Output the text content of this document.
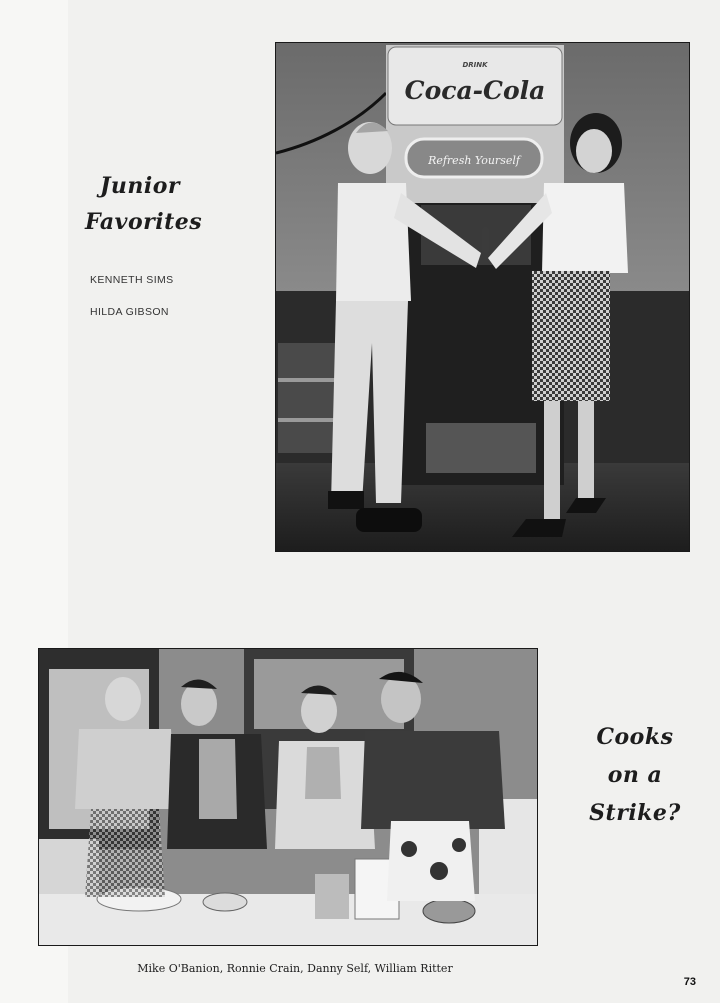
Junior
Favorites
KENNETH SIMS
HILDA GIBSON
DRINK
Coca-Cola
Refresh Yourself
Cooks
on a
Strike?
Mike O'Banion, Ronnie Crain, Danny Self, William Ritter
73
